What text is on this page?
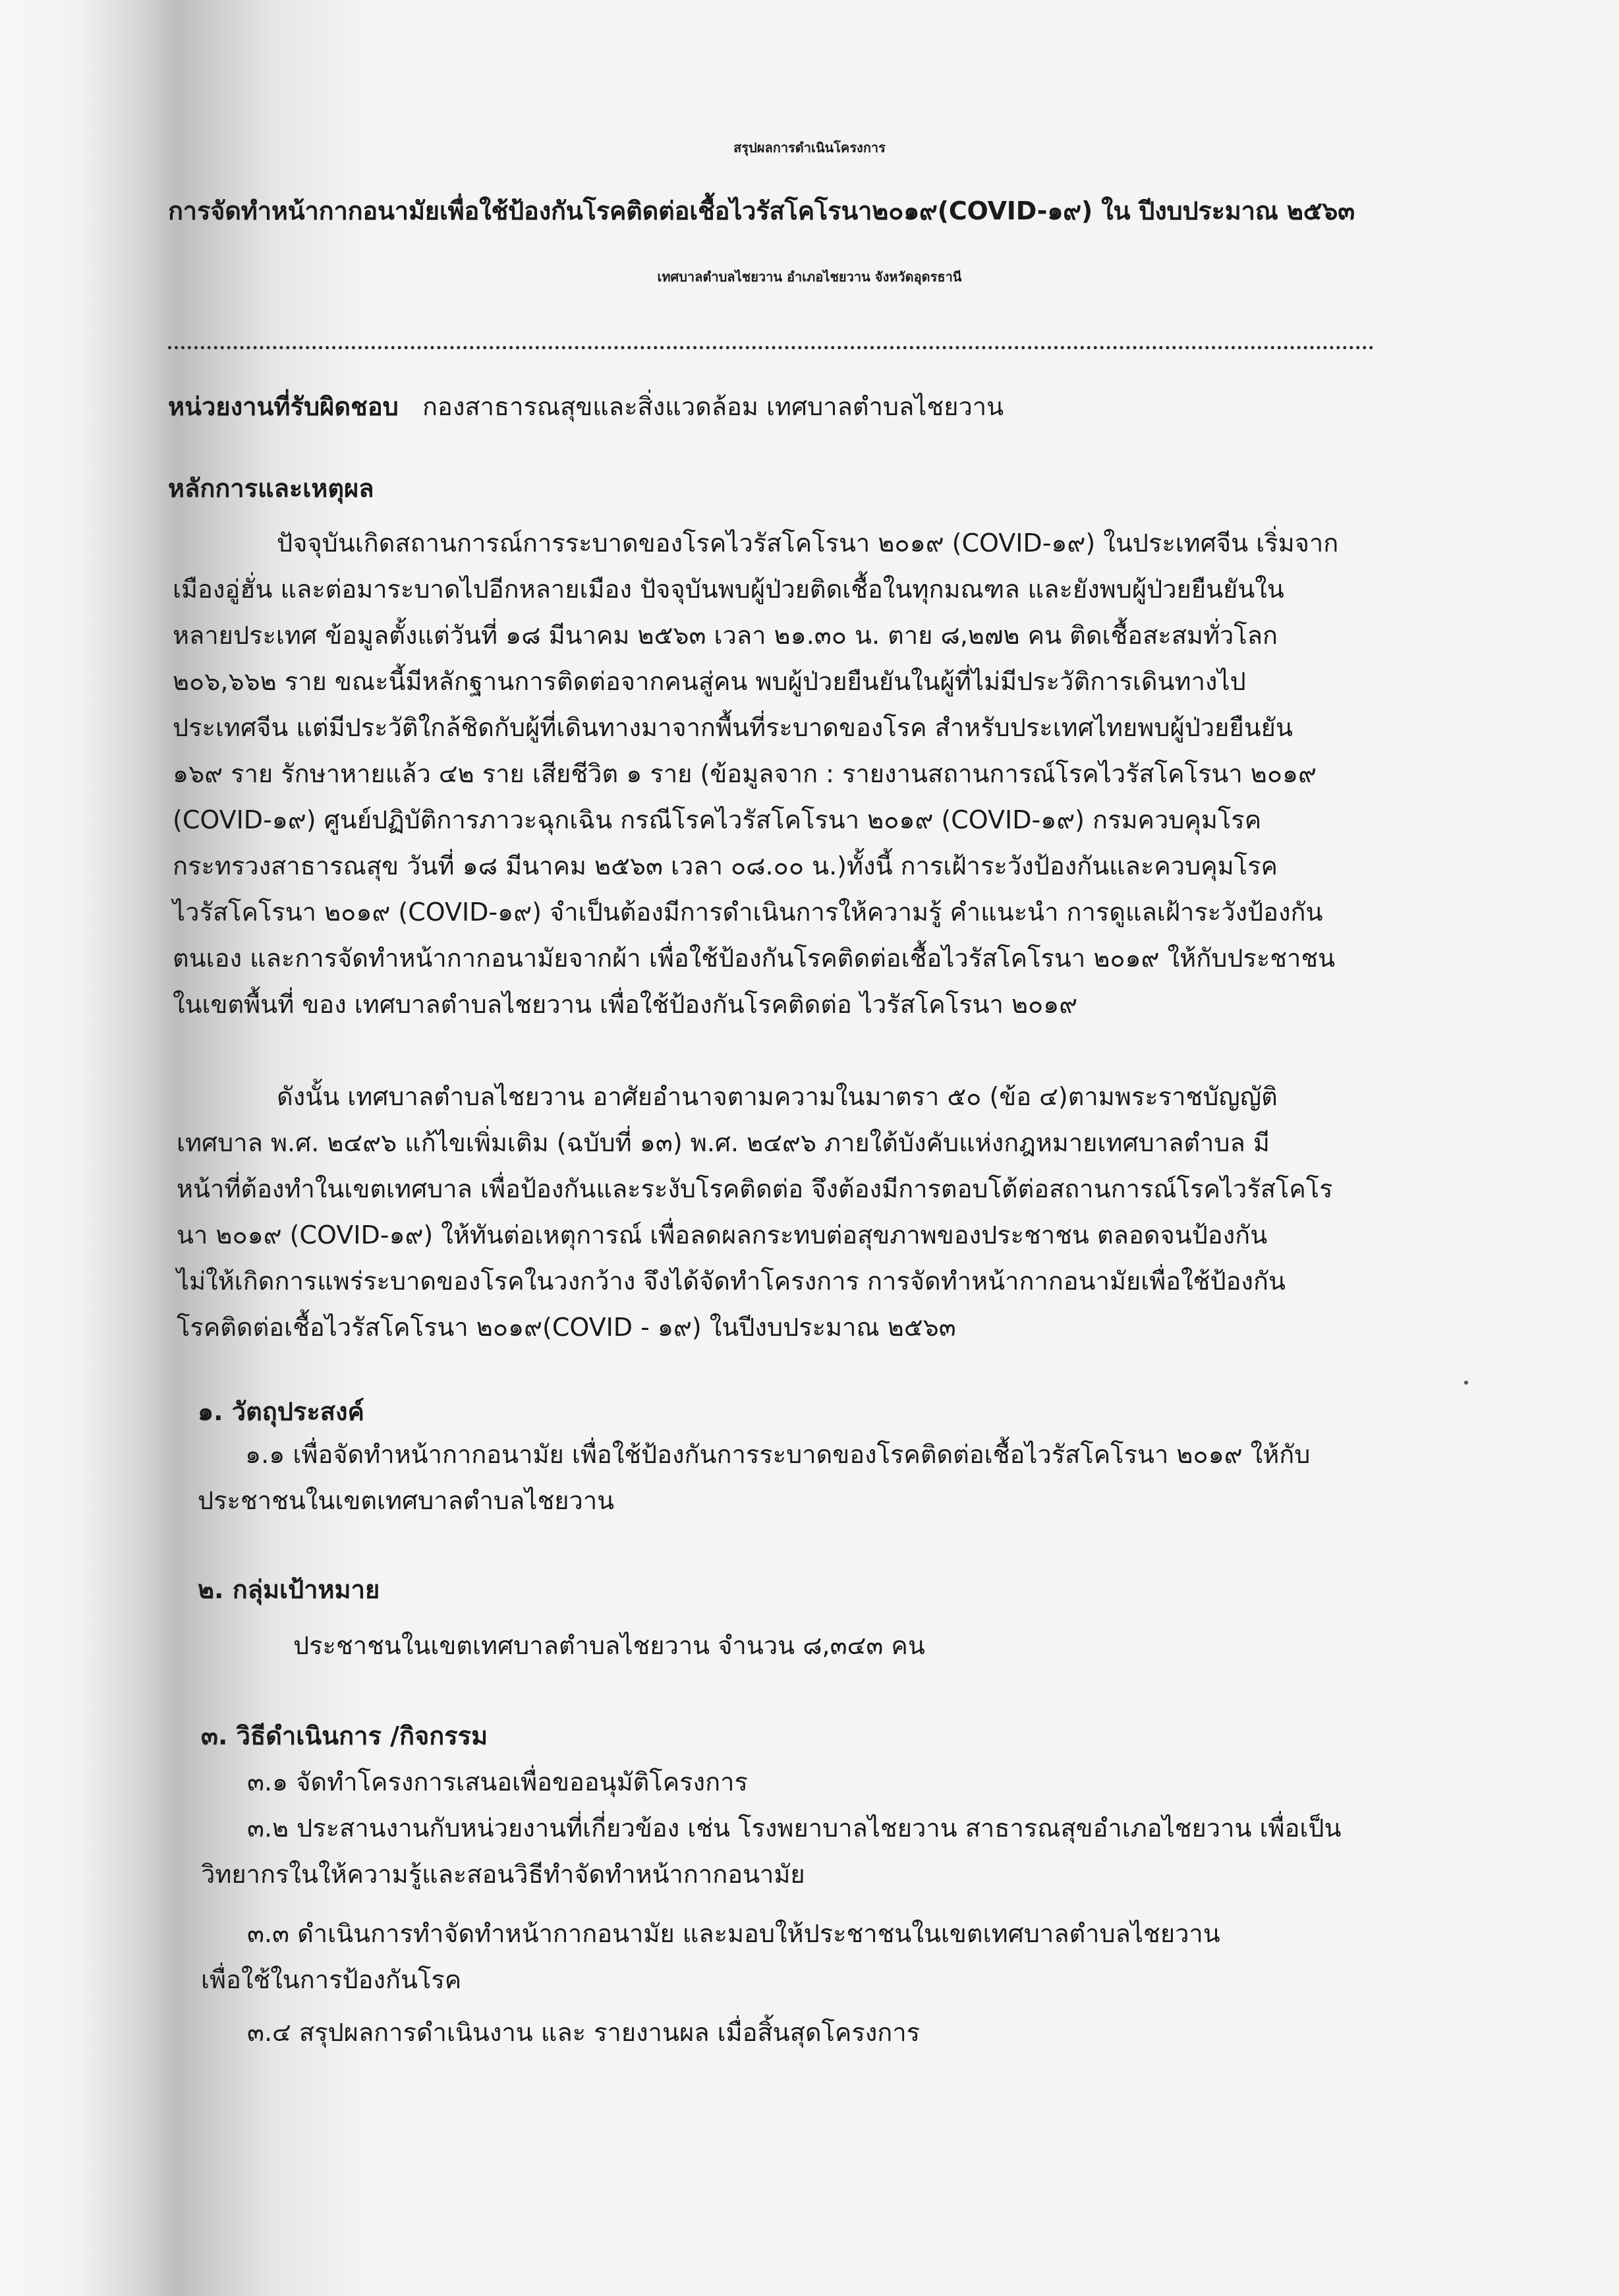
สรุปผลการดำเนินโครงการ
การจัดทำหน้ากากอนามัยเพื่อใช้ป้องกันโรคติดต่อเชื้อไวรัสโคโรนา๒๐๑๙(COVID-๑๙) ใน ปีงบประมาณ ๒๕๖๓
เทศบาลตำบลไชยวาน อำเภอไชยวาน จังหวัดอุดรธานี
หน่วยงานที่รับผิดชอบ กองสาธารณสุขและสิ่งแวดล้อม เทศบาลตำบลไชยวาน
หลักการและเหตุผล
ปัจจุบันเกิดสถานการณ์การระบาดของโรคไวรัสโคโรนา ๒๐๑๙ (COVID-๑๙) ในประเทศจีน เริ่มจาก
เมืองอู่ฮั่น และต่อมาระบาดไปอีกหลายเมือง ปัจจุบันพบผู้ป่วยติดเชื้อในทุกมณฑล และยังพบผู้ป่วยยืนยันใน
หลายประเทศ ข้อมูลตั้งแต่วันที่ ๑๘ มีนาคม ๒๕๖๓ เวลา ๒๑.๓๐ น. ตาย ๘,๒๗๒ คน ติดเชื้อสะสมทั่วโลก
๒๐๖,๖๖๒ ราย ขณะนี้มีหลักฐานการติดต่อจากคนสู่คน พบผู้ป่วยยืนยันในผู้ที่ไม่มีประวัติการเดินทางไป
ประเทศจีน แต่มีประวัติใกล้ชิดกับผู้ที่เดินทางมาจากพื้นที่ระบาดของโรค สำหรับประเทศไทยพบผู้ป่วยยืนยัน
๑๖๙ ราย รักษาหายแล้ว ๔๒ ราย เสียชีวิต ๑ ราย (ข้อมูลจาก : รายงานสถานการณ์โรคไวรัสโคโรนา ๒๐๑๙
(COVID-๑๙) ศูนย์ปฏิบัติการภาวะฉุกเฉิน กรณีโรคไวรัสโคโรนา ๒๐๑๙ (COVID-๑๙) กรมควบคุมโรค
กระทรวงสาธารณสุข วันที่ ๑๘ มีนาคม ๒๕๖๓ เวลา ๐๘.๐๐ น.)ทั้งนี้ การเฝ้าระวังป้องกันและควบคุมโรค
ไวรัสโคโรนา ๒๐๑๙ (COVID-๑๙) จำเป็นต้องมีการดำเนินการให้ความรู้ คำแนะนำ การดูแลเฝ้าระวังป้องกัน
ตนเอง และการจัดทำหน้ากากอนามัยจากผ้า เพื่อใช้ป้องกันโรคติดต่อเชื้อไวรัสโคโรนา ๒๐๑๙ ให้กับประชาชน
ในเขตพื้นที่ ของ เทศบาลตำบลไชยวาน เพื่อใช้ป้องกันโรคติดต่อ ไวรัสโคโรนา ๒๐๑๙
ดังนั้น เทศบาลตำบลไชยวาน อาศัยอำนาจตามความในมาตรา ๕๐ (ข้อ ๔)ตามพระราชบัญญัติ
เทศบาล พ.ศ. ๒๔๙๖ แก้ไขเพิ่มเติม (ฉบับที่ ๑๓) พ.ศ. ๒๔๙๖ ภายใต้บังคับแห่งกฎหมายเทศบาลตำบล มี
หน้าที่ต้องทำในเขตเทศบาล เพื่อป้องกันและระงับโรคติดต่อ จึงต้องมีการตอบโต้ต่อสถานการณ์โรคไวรัสโคโร
นา ๒๐๑๙ (COVID-๑๙) ให้ทันต่อเหตุการณ์ เพื่อลดผลกระทบต่อสุขภาพของประชาชน ตลอดจนป้องกัน
ไม่ให้เกิดการแพร่ระบาดของโรคในวงกว้าง จึงได้จัดทำโครงการ การจัดทำหน้ากากอนามัยเพื่อใช้ป้องกัน
โรคติดต่อเชื้อไวรัสโคโรนา ๒๐๑๙(COVID - ๑๙) ในปีงบประมาณ ๒๕๖๓
๑. วัตถุประสงค์
๑.๑ เพื่อจัดทำหน้ากากอนามัย เพื่อใช้ป้องกันการระบาดของโรคติดต่อเชื้อไวรัสโคโรนา ๒๐๑๙ ให้กับ
ประชาชนในเขตเทศบาลตำบลไชยวาน
๒. กลุ่มเป้าหมาย
ประชาชนในเขตเทศบาลตำบลไชยวาน จำนวน ๘,๓๔๓ คน
๓. วิธีดำเนินการ /กิจกรรม
๓.๑ จัดทำโครงการเสนอเพื่อขออนุมัติโครงการ
๓.๒ ประสานงานกับหน่วยงานที่เกี่ยวข้อง เช่น โรงพยาบาลไชยวาน สาธารณสุขอำเภอไชยวาน เพื่อเป็น
วิทยากรในให้ความรู้และสอนวิธีทำจัดทำหน้ากากอนามัย
๓.๓ ดำเนินการทำจัดทำหน้ากากอนามัย และมอบให้ประชาชนในเขตเทศบาลตำบลไชยวาน
เพื่อใช้ในการป้องกันโรค
๓.๔ สรุปผลการดำเนินงาน และ รายงานผล เมื่อสิ้นสุดโครงการ
